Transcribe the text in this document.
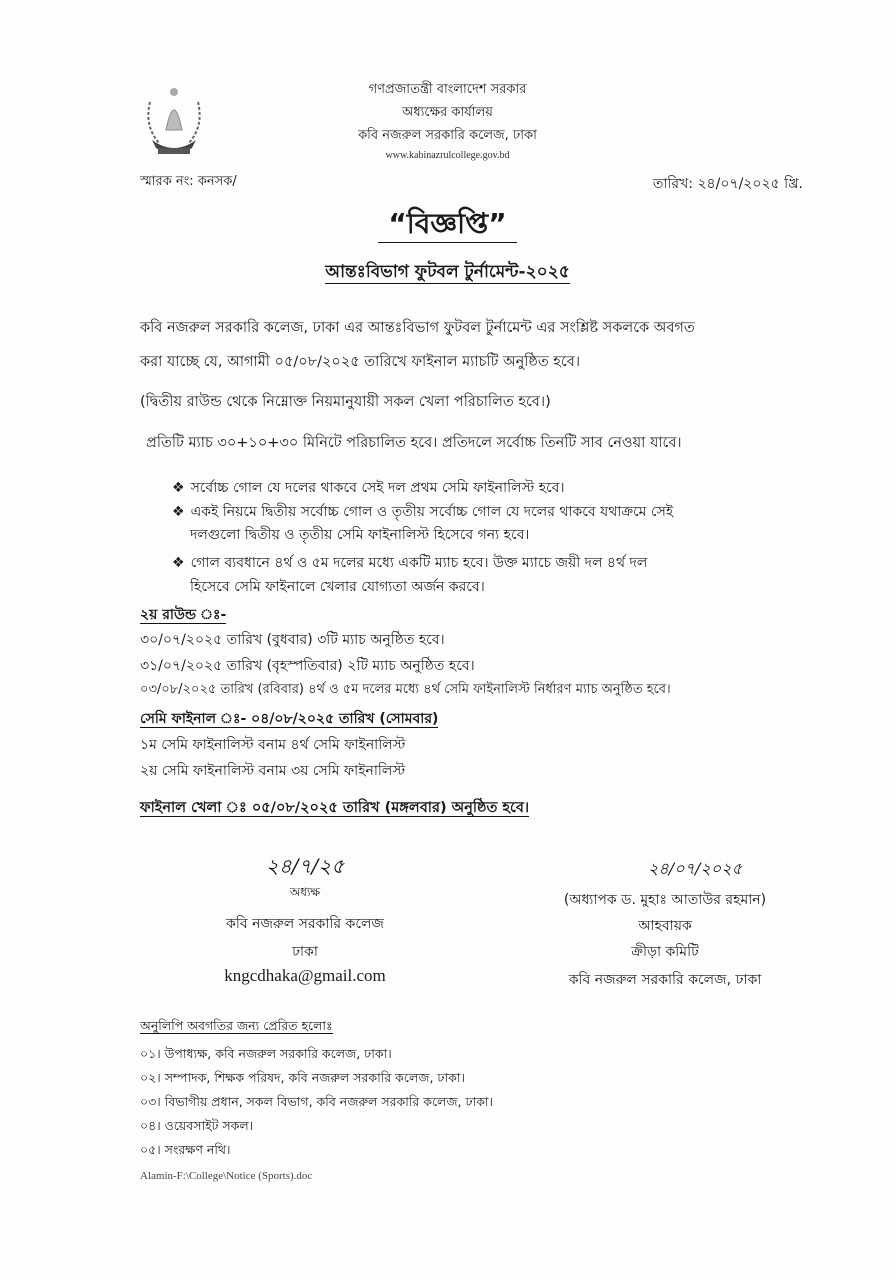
গণপ্রজাতন্ত্রী বাংলাদেশ সরকার
অধ্যক্ষের কার্যালয়
কবি নজরুল সরকারি কলেজ, ঢাকা
www.kabinazrulcollege.gov.bd
স্মারক নং: কনসক/	তারিখ: ২৪/০৭/২০২৫ খ্রি.
“বিজ্ঞপ্তি”
আন্তঃবিভাগ ফুটবল টুর্নামেন্ট-২০২৫
কবি নজরুল সরকারি কলেজ, ঢাকা এর আন্তঃবিভাগ ফুটবল টুর্নামেন্ট এর সংশ্লিষ্ট সকলকে অবগত
করা যাচ্ছে যে, আগামী ০৫/০৮/২০২৫ তারিখে ফাইনাল ম্যাচটি অনুষ্ঠিত হবে।
(দ্বিতীয় রাউন্ড থেকে নিম্নোক্ত নিয়মানুযায়ী সকল খেলা পরিচালিত হবে।)
প্রতিটি ম্যাচ ৩০+১০+৩০ মিনিটে পরিচালিত হবে। প্রতিদলে সর্বোচ্চ তিনটি সাব নেওয়া যাবে।
❖ সর্বোচ্চ গোল যে দলের থাকবে সেই দল প্রথম সেমি ফাইনালিস্ট হবে।
❖ একই নিয়মে দ্বিতীয় সর্বোচ্চ গোল ও তৃতীয় সর্বোচ্চ গোল যে দলের থাকবে যথাক্রমে সেই
দলগুলো দ্বিতীয় ও তৃতীয় সেমি ফাইনালিস্ট হিসেবে গন্য হবে।
❖ গোল ব্যবধানে ৪র্থ ও ৫ম দলের মধ্যে একটি ম্যাচ হবে। উক্ত ম্যাচে জয়ী দল ৪র্থ দল
হিসেবে সেমি ফাইনালে খেলার যোগ্যতা অর্জন করবে।
২য় রাউন্ড ঃ-
৩০/০৭/২০২৫ তারিখ (বুধবার) ৩টি ম্যাচ অনুষ্ঠিত হবে।
৩১/০৭/২০২৫ তারিখ (বৃহস্পতিবার) ২টি ম্যাচ অনুষ্ঠিত হবে।
০৩/০৮/২০২৫ তারিখ (রবিবার) ৪র্থ ও ৫ম দলের মধ্যে ৪র্থ সেমি ফাইনালিস্ট নির্ধারণ ম্যাচ অনুষ্ঠিত হবে।
সেমি ফাইনাল ঃ- ০৪/০৮/২০২৫ তারিখ (সোমবার)
১ম সেমি ফাইনালিস্ট বনাম ৪র্থ সেমি ফাইনালিস্ট
২য় সেমি ফাইনালিস্ট বনাম ৩য় সেমি ফাইনালিস্ট
ফাইনাল খেলা ঃ ০৫/০৮/২০২৫ তারিখ (মঙ্গলবার) অনুষ্ঠিত হবে।
২৪/৭/২৫
অধ্যক্ষ
কবি নজরুল সরকারি কলেজ
ঢাকা
kngcdhaka@gmail.com
২৪/০৭/২০২৫
(অধ্যাপক ড. মুহাঃ আতাউর রহমান)
আহবায়ক
ক্রীড়া কমিটি
কবি নজরুল সরকারি কলেজ, ঢাকা
অনুলিপি অবগতির জন্য প্রেরিত হলোঃ
০১। উপাধ্যক্ষ, কবি নজরুল সরকারি কলেজ, ঢাকা।
০২। সম্পাদক, শিক্ষক পরিষদ, কবি নজরুল সরকারি কলেজ, ঢাকা।
০৩। বিভাগীয় প্রধান, সকল বিভাগ, কবি নজরুল সরকারি কলেজ, ঢাকা।
০৪। ওয়েবসাইট সকল।
০৫। সংরক্ষণ নথি।
Alamin-F:\College\Notice (Sports).doc
